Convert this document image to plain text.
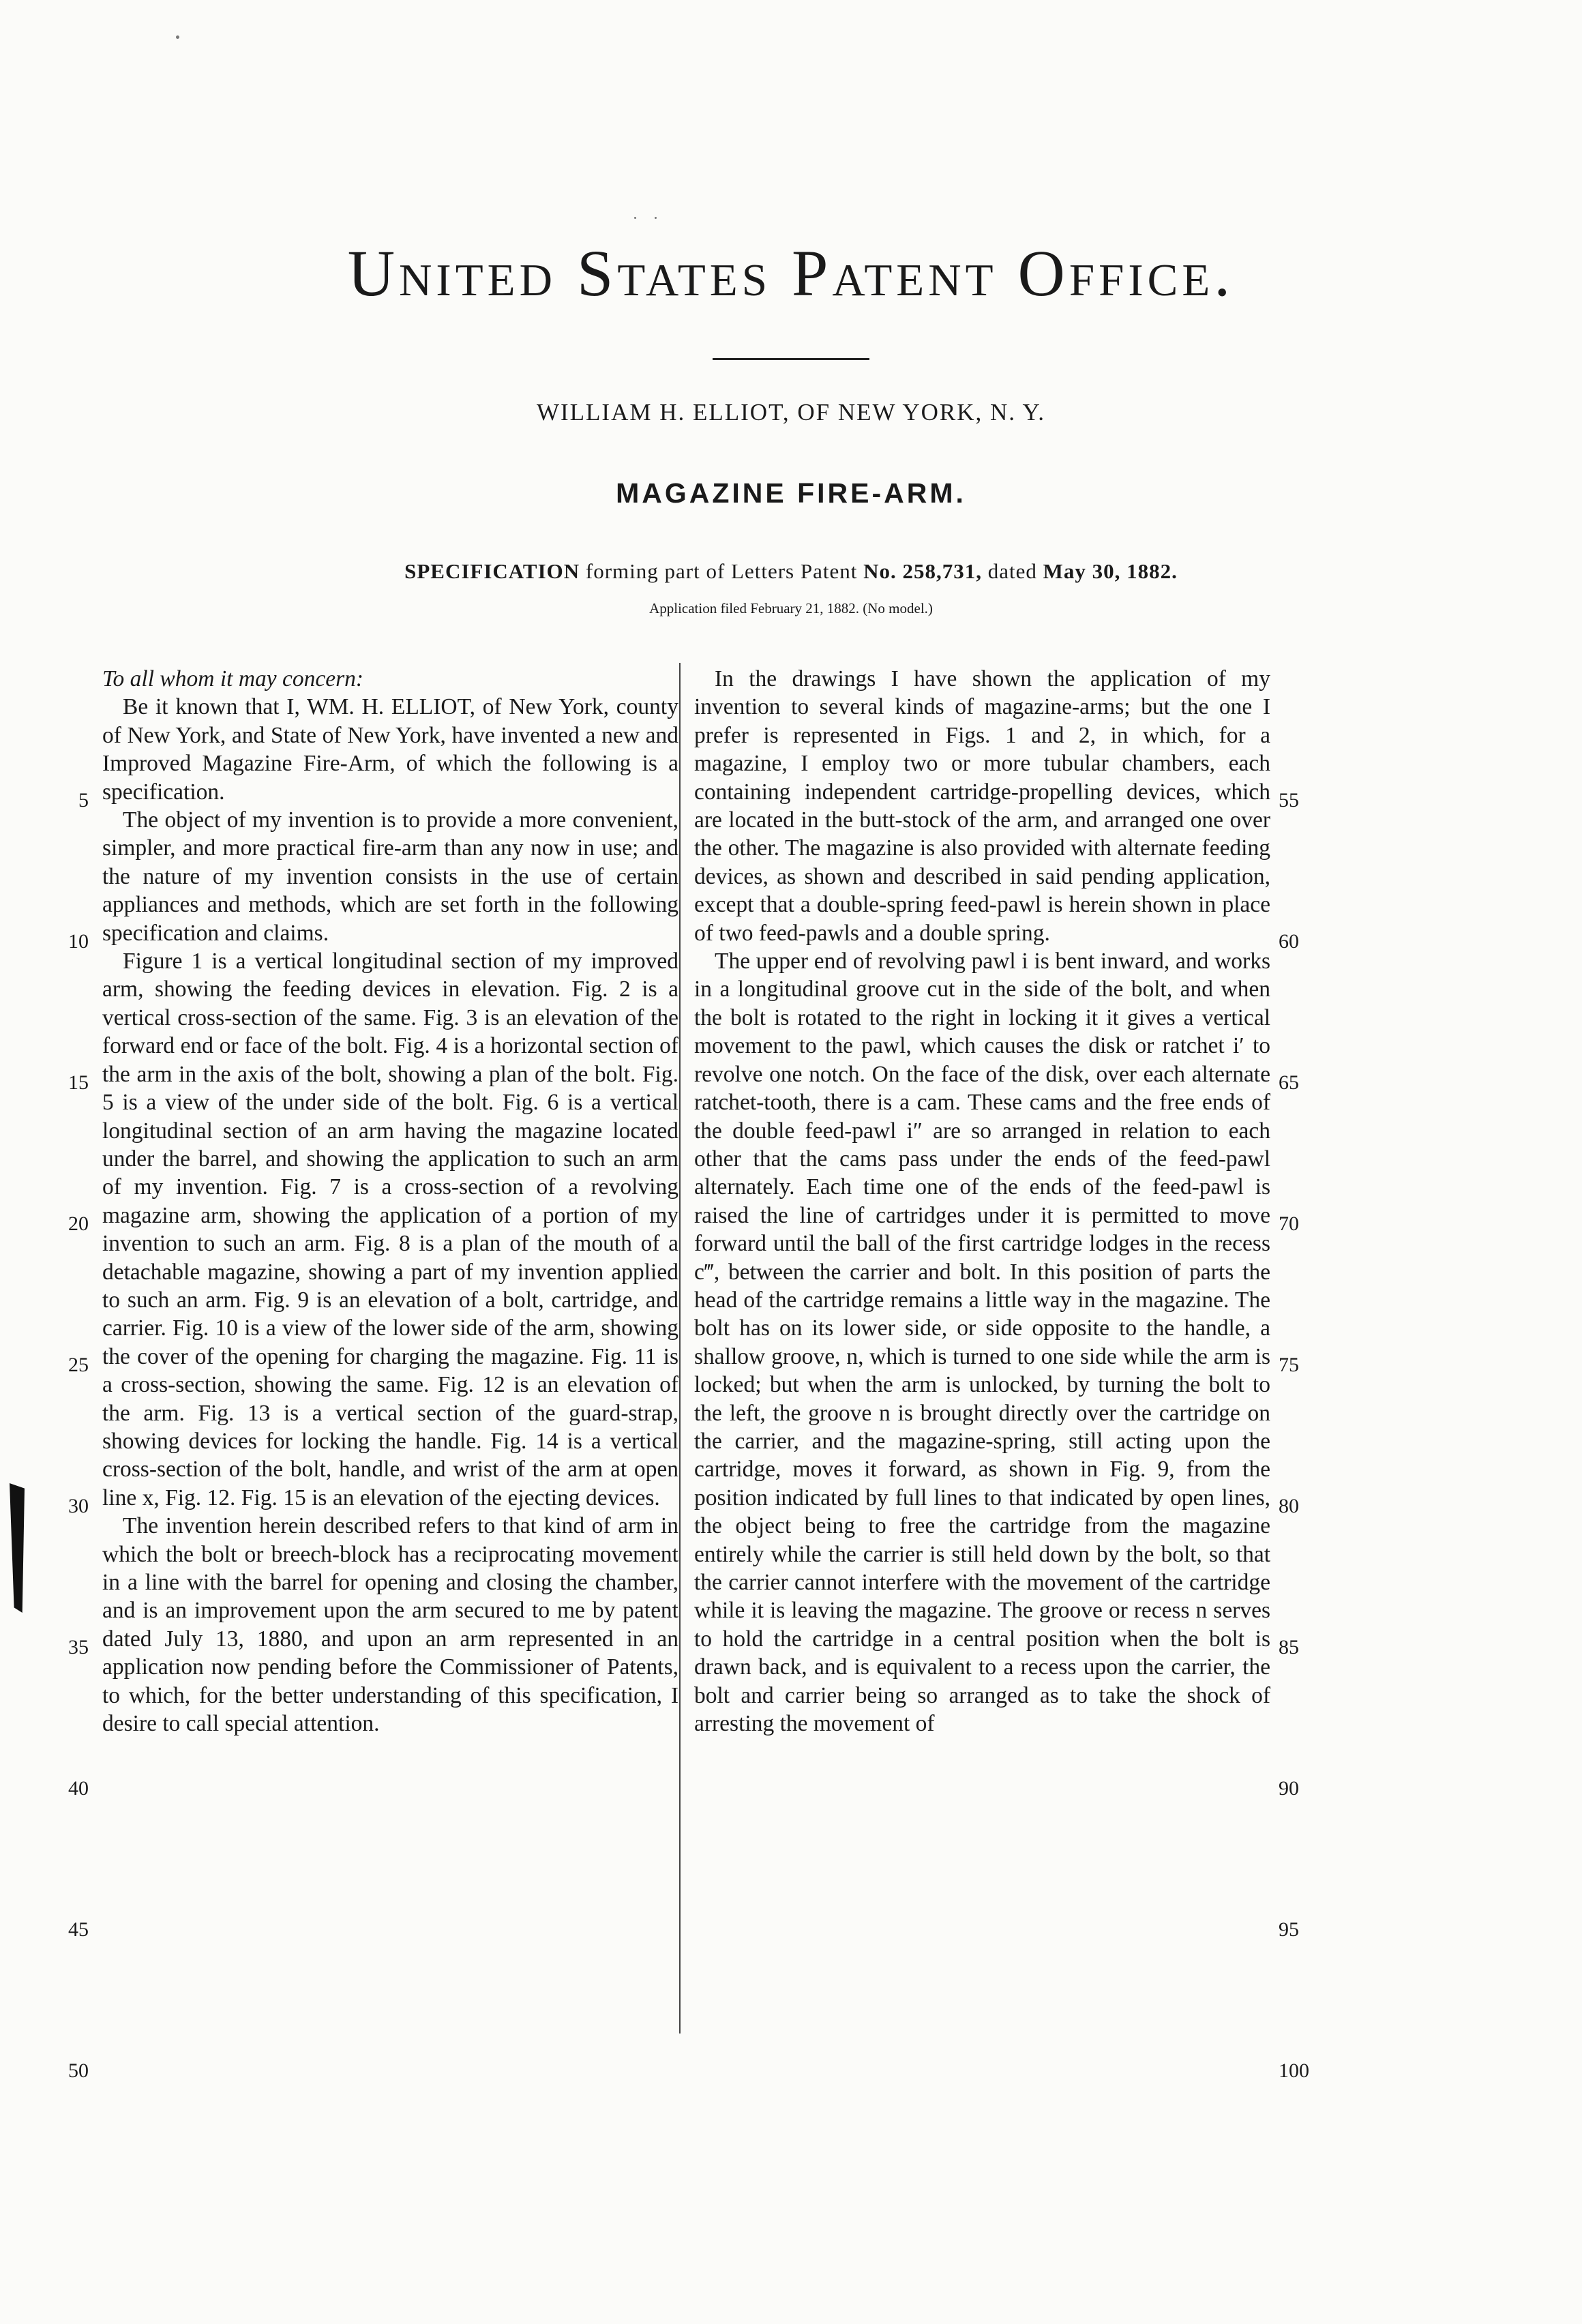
United States Patent Office.
WILLIAM H. ELLIOT, OF NEW YORK, N. Y.
MAGAZINE FIRE-ARM.
SPECIFICATION forming part of Letters Patent No. 258,731, dated May 30, 1882.
Application filed February 21, 1882. (No model.)

To all whom it may concern:

Be it known that I, WM. H. ELLIOT, of New York, county of New York, and State of New York, have invented a new and Improved Magazine Fire-Arm, of which the following is a specification.

The object of my invention is to provide a more convenient, simpler, and more practical fire-arm than any now in use; and the nature of my invention consists in the use of certain appliances and methods, which are set forth in the following specification and claims.

Figure 1 is a vertical longitudinal section of my improved arm, showing the feeding devices in elevation. Fig. 2 is a vertical cross-section of the same. Fig. 3 is an elevation of the forward end or face of the bolt. Fig. 4 is a horizontal section of the arm in the axis of the bolt, showing a plan of the bolt. Fig. 5 is a view of the under side of the bolt. Fig. 6 is a vertical longitudinal section of an arm having the magazine located under the barrel, and showing the application to such an arm of my invention. Fig. 7 is a cross-section of a revolving magazine arm, showing the application of a portion of my invention to such an arm. Fig. 8 is a plan of the mouth of a detachable magazine, showing a part of my invention applied to such an arm. Fig. 9 is an elevation of a bolt, cartridge, and carrier. Fig. 10 is a view of the lower side of the arm, showing the cover of the opening for charging the magazine. Fig. 11 is a cross-section, showing the same. Fig. 12 is an elevation of the arm. Fig. 13 is a vertical section of the guard-strap, showing devices for locking the handle. Fig. 14 is a vertical cross-section of the bolt, handle, and wrist of the arm at open line x, Fig. 12. Fig. 15 is an elevation of the ejecting devices.

The invention herein described refers to that kind of arm in which the bolt or breech-block has a reciprocating movement in a line with the barrel for opening and closing the chamber, and is an improvement upon the arm secured to me by patent dated July 13, 1880, and upon an arm represented in an application now pending before the Commissioner of Patents, to which, for the better understanding of this specification, I desire to call special attention.

In the drawings I have shown the application of my invention to several kinds of magazine-arms; but the one I prefer is represented in Figs. 1 and 2, in which, for a magazine, I employ two or more tubular chambers, each containing independent cartridge-propelling devices, which are located in the butt-stock of the arm, and arranged one over the other. The magazine is also provided with alternate feeding devices, as shown and described in said pending application, except that a double-spring feed-pawl is herein shown in place of two feed-pawls and a double spring.

The upper end of revolving pawl i is bent inward, and works in a longitudinal groove cut in the side of the bolt, and when the bolt is rotated to the right in locking it it gives a vertical movement to the pawl, which causes the disk or ratchet i′ to revolve one notch. On the face of the disk, over each alternate ratchet-tooth, there is a cam. These cams and the free ends of the double feed-pawl i″ are so arranged in relation to each other that the cams pass under the ends of the feed-pawl alternately. Each time one of the ends of the feed-pawl is raised the line of cartridges under it is permitted to move forward until the ball of the first cartridge lodges in the recess c‴, between the carrier and bolt. In this position of parts the head of the cartridge remains a little way in the magazine. The bolt has on its lower side, or side opposite to the handle, a shallow groove, n, which is turned to one side while the arm is locked; but when the arm is unlocked, by turning the bolt to the left, the groove n is brought directly over the cartridge on the carrier, and the magazine-spring, still acting upon the cartridge, moves it forward, as shown in Fig. 9, from the position indicated by full lines to that indicated by open lines, the object being to free the cartridge from the magazine entirely while the carrier is still held down by the bolt, so that the carrier cannot interfere with the movement of the cartridge while it is leaving the magazine. The groove or recess n serves to hold the cartridge in a central position when the bolt is drawn back, and is equivalent to a recess upon the carrier, the bolt and carrier being so arranged as to take the shock of arresting the movement of

5
10
15
20
25
30
35
40
45
50
55
60
65
70
75
80
85
90
95
100
